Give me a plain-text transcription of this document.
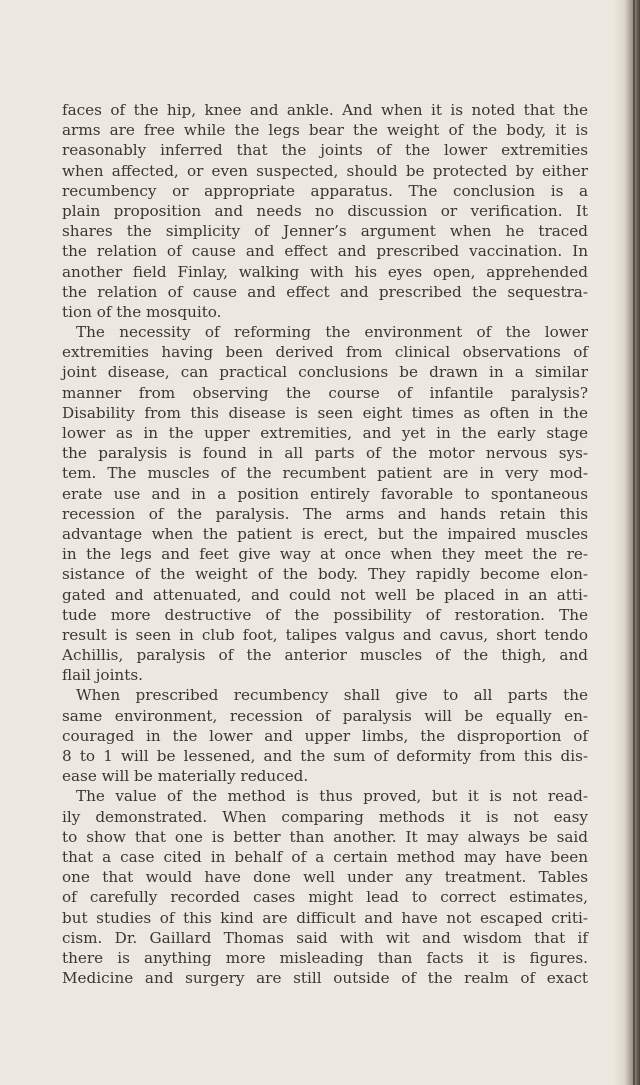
faces of the hip, knee and ankle. And when it is noted that the
arms are free while the legs bear the weight of the body, it is
reasonably inferred that the joints of the lower extremities
when affected, or even suspected, should be protected by either
recumbency or appropriate apparatus. The conclusion is a
plain proposition and needs no discussion or verification. It
shares the simplicity of Jenner’s argument when he traced
the relation of cause and effect and prescribed vaccination. In
another field Finlay, walking with his eyes open, apprehended
the relation of cause and effect and prescribed the sequestra-
tion of the mosquito.
The necessity of reforming the environment of the lower
extremities having been derived from clinical observations of
joint disease, can practical conclusions be drawn in a similar
manner from observing the course of infantile paralysis?
Disability from this disease is seen eight times as often in the
lower as in the upper extremities, and yet in the early stage
the paralysis is found in all parts of the motor nervous sys-
tem. The muscles of the recumbent patient are in very mod-
erate use and in a position entirely favorable to spontaneous
recession of the paralysis. The arms and hands retain this
advantage when the patient is erect, but the impaired muscles
in the legs and feet give way at once when they meet the re-
sistance of the weight of the body. They rapidly become elon-
gated and attenuated, and could not well be placed in an atti-
tude more destructive of the possibility of restoration. The
result is seen in club foot, talipes valgus and cavus, short tendo
Achillis, paralysis of the anterior muscles of the thigh, and
flail joints.
When prescribed recumbency shall give to all parts the
same environment, recession of paralysis will be equally en-
couraged in the lower and upper limbs, the disproportion of
8 to 1 will be lessened, and the sum of deformity from this dis-
ease will be materially reduced.
The value of the method is thus proved, but it is not read-
ily demonstrated. When comparing methods it is not easy
to show that one is better than another. It may always be said
that a case cited in behalf of a certain method may have been
one that would have done well under any treatment. Tables
of carefully recorded cases might lead to correct estimates,
but studies of this kind are difficult and have not escaped criti-
cism. Dr. Gaillard Thomas said with wit and wisdom that if
there is anything more misleading than facts it is figures.
Medicine and surgery are still outside of the realm of exact
